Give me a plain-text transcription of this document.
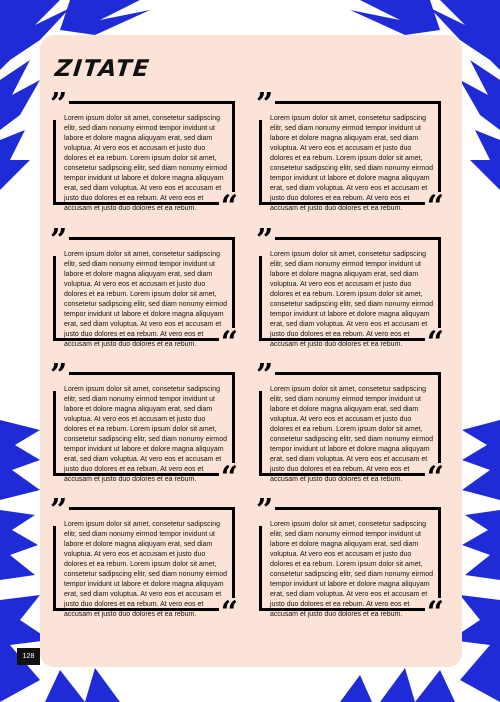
ZITATE
”
Lorem ipsum dolor sit amet, consetetur sadipscing elitr, sed diam nonumy eirmod tempor invidunt ut labore et dolore magna aliquyam erat, sed diam voluptua. At vero eos et accusam et justo duo dolores et ea rebum. Lorem ipsum dolor sit amet, consetetur sadipscing elitr, sed diam nonumy eirmod tempor invidunt ut labore et dolore magna aliquyam erat, sed diam voluptua. At vero eos et accusam et justo duo dolores et ea rebum. At vero eos et accusam et justo duo dolores et ea rebum. “
”
Lorem ipsum dolor sit amet, consetetur sadipscing elitr, sed diam nonumy eirmod tempor invidunt ut labore et dolore magna aliquyam erat, sed diam voluptua. At vero eos et accusam et justo duo dolores et ea rebum. Lorem ipsum dolor sit amet, consetetur sadipscing elitr, sed diam nonumy eirmod tempor invidunt ut labore et dolore magna aliquyam erat, sed diam voluptua. At vero eos et accusam et justo duo dolores et ea rebum. At vero eos et accusam et justo duo dolores et ea rebum. “
”
Lorem ipsum dolor sit amet, consetetur sadipscing elitr, sed diam nonumy eirmod tempor invidunt ut labore et dolore magna aliquyam erat, sed diam voluptua. At vero eos et accusam et justo duo dolores et ea rebum. Lorem ipsum dolor sit amet, consetetur sadipscing elitr, sed diam nonumy eirmod tempor invidunt ut labore et dolore magna aliquyam erat, sed diam voluptua. At vero eos et accusam et justo duo dolores et ea rebum. At vero eos et accusam et justo duo dolores et ea rebum. “
”
Lorem ipsum dolor sit amet, consetetur sadipscing elitr, sed diam nonumy eirmod tempor invidunt ut labore et dolore magna aliquyam erat, sed diam voluptua. At vero eos et accusam et justo duo dolores et ea rebum. Lorem ipsum dolor sit amet, consetetur sadipscing elitr, sed diam nonumy eirmod tempor invidunt ut labore et dolore magna aliquyam erat, sed diam voluptua. At vero eos et accusam et justo duo dolores et ea rebum. At vero eos et accusam et justo duo dolores et ea rebum. “
”
Lorem ipsum dolor sit amet, consetetur sadipscing elitr, sed diam nonumy eirmod tempor invidunt ut labore et dolore magna aliquyam erat, sed diam voluptua. At vero eos et accusam et justo duo dolores et ea rebum. Lorem ipsum dolor sit amet, consetetur sadipscing elitr, sed diam nonumy eirmod tempor invidunt ut labore et dolore magna aliquyam erat, sed diam voluptua. At vero eos et accusam et justo duo dolores et ea rebum. At vero eos et accusam et justo duo dolores et ea rebum. “
”
Lorem ipsum dolor sit amet, consetetur sadipscing elitr, sed diam nonumy eirmod tempor invidunt ut labore et dolore magna aliquyam erat, sed diam voluptua. At vero eos et accusam et justo duo dolores et ea rebum. Lorem ipsum dolor sit amet, consetetur sadipscing elitr, sed diam nonumy eirmod tempor invidunt ut labore et dolore magna aliquyam erat, sed diam voluptua. At vero eos et accusam et justo duo dolores et ea rebum. At vero eos et accusam et justo duo dolores et ea rebum. “
”
Lorem ipsum dolor sit amet, consetetur sadipscing elitr, sed diam nonumy eirmod tempor invidunt ut labore et dolore magna aliquyam erat, sed diam voluptua. At vero eos et accusam et justo duo dolores et ea rebum. Lorem ipsum dolor sit amet, consetetur sadipscing elitr, sed diam nonumy eirmod tempor invidunt ut labore et dolore magna aliquyam erat, sed diam voluptua. At vero eos et accusam et justo duo dolores et ea rebum. At vero eos et accusam et justo duo dolores et ea rebum. “
”
Lorem ipsum dolor sit amet, consetetur sadipscing elitr, sed diam nonumy eirmod tempor invidunt ut labore et dolore magna aliquyam erat, sed diam voluptua. At vero eos et accusam et justo duo dolores et ea rebum. Lorem ipsum dolor sit amet, consetetur sadipscing elitr, sed diam nonumy eirmod tempor invidunt ut labore et dolore magna aliquyam erat, sed diam voluptua. At vero eos et accusam et justo duo dolores et ea rebum. At vero eos et accusam et justo duo dolores et ea rebum. “
128
